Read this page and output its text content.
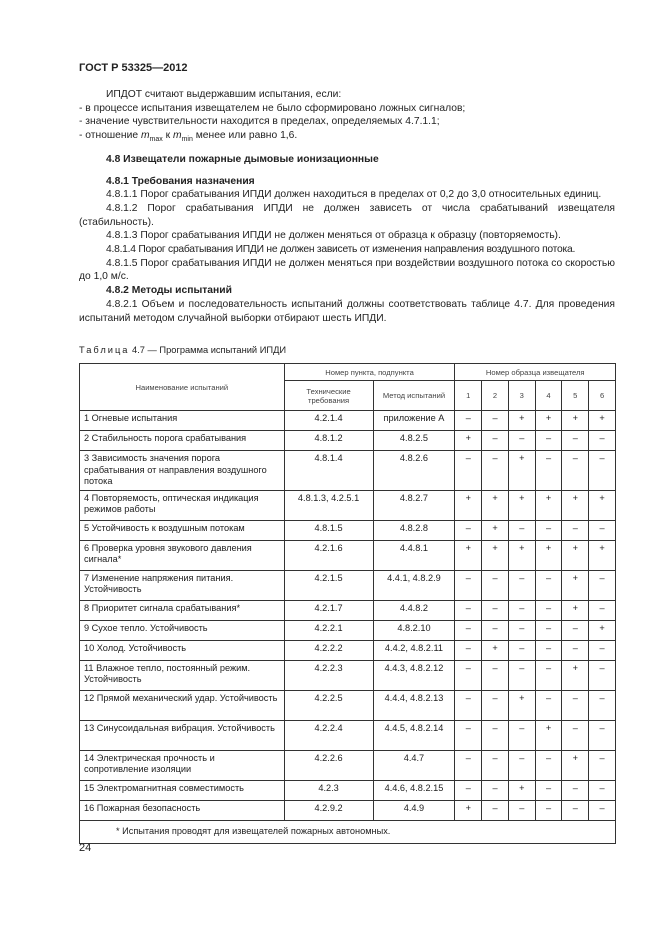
ГОСТ Р 53325—2012

ИПДОТ считают выдержавшим испытания, если:

- в процессе испытания извещателем не было сформировано ложных сигналов;

- значение чувствительности находится в пределах, определяемых 4.7.1.1;

- отношение $m_{max}$ к $m_{min}$ менее или равно 1,6.

4.8 Извещатели пожарные дымовые ионизационные

4.8.1 Требования назначения

4.8.1.1 Порог срабатывания ИПДИ должен находиться в пределах от 0,2 до 3,0 относительных единиц.

4.8.1.2 Порог срабатывания ИПДИ не должен зависеть от числа срабатываний извещателя (стабильность).

4.8.1.3 Порог срабатывания ИПДИ не должен меняться от образца к образцу (повторяемость).

4.8.1.4 Порог срабатывания ИПДИ не должен зависеть от изменения направления воздушного потока.

4.8.1.5 Порог срабатывания ИПДИ не должен меняться при воздействии воздушного потока со скоростью до 1,0 м/с.

4.8.2 Методы испытаний

4.8.2.1 Объем и последовательность испытаний должны соответствовать таблице 4.7. Для проведения испытаний методом случайной выборки отбирают шесть ИПДИ.

Таблица 4.7 — Программа испытаний ИПДИ
Наименование испытаний	Номер пункта, подпункта		Номер образца извещателя					
	Технические требования	Метод испытаний	1	2	3	4	5	6
1 Огневые испытания	4.2.1.4	приложение А	–	–	+	+	+	+
2 Стабильность порога срабатывания	4.8.1.2	4.8.2.5	+	–	–	–	–	–
3 Зависимость значения порога срабатывания от направления воздушного потока	4.8.1.4	4.8.2.6	–	–	+	–	–	–
4 Повторяемость, оптическая индикация режимов работы	4.8.1.3, 4.2.5.1	4.8.2.7	+	+	+	+	+	+
5 Устойчивость к воздушным потокам	4.8.1.5	4.8.2.8	–	+	–	–	–	–
6 Проверка уровня звукового давления сигнала*	4.2.1.6	4.4.8.1	+	+	+	+	+	+
7 Изменение напряжения питания. Устойчивость	4.2.1.5	4.4.1, 4.8.2.9	–	–	–	–	+	–
8 Приоритет сигнала срабатывания*	4.2.1.7	4.4.8.2	–	–	–	–	+	–
9 Сухое тепло. Устойчивость	4.2.2.1	4.8.2.10	–	–	–	–	–	+
10 Холод. Устойчивость	4.2.2.2	4.4.2, 4.8.2.11	–	+	–	–	–	–
11 Влажное тепло, постоянный режим. Устойчивость	4.2.2.3	4.4.3, 4.8.2.12	–	–	–	–	+	–
12 Прямой механический удар. Устойчивость	4.2.2.5	4.4.4, 4.8.2.13	–	–	+	–	–	–
13 Синусоидальная вибрация. Устойчивость	4.2.2.4	4.4.5, 4.8.2.14	–	–	–	+	–	–
14 Электрическая прочность и сопротивление изоляции	4.2.2.6	4.4.7	–	–	–	–	+	–
15 Электромагнитная совместимость	4.2.3	4.4.6, 4.8.2.15	–	–	+	–	–	–
16 Пожарная безопасность	4.2.9.2	4.4.9	+	–	–	–	–	–
* Испытания проводят для извещателей пожарных автономных.								
24
